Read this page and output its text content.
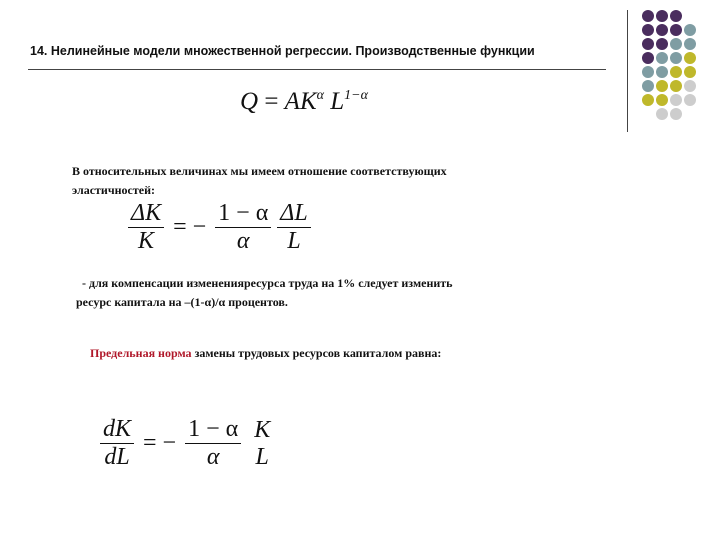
14. Нелинейные модели множественной регрессии. Производственные функции
$Q = AK^\alpha$ $L^{1-\alpha}$
В относительных величинах мы имеем отношение соответствующих
эластичностей:
$\frac{\Delta K}{K}$ = − $\frac{1 - \alpha}{\alpha}$
$\frac{\Delta L}{L}$
- для компенсации измененияресурса труда на 1% следует изменить
ресурс капитала на –(1-α)/α процентов.
Предельная норма замены трудовых ресурсов капиталом равна:
$\frac{dK}{dL}$ = − $\frac{1 - \alpha}{\alpha}$
K
L
